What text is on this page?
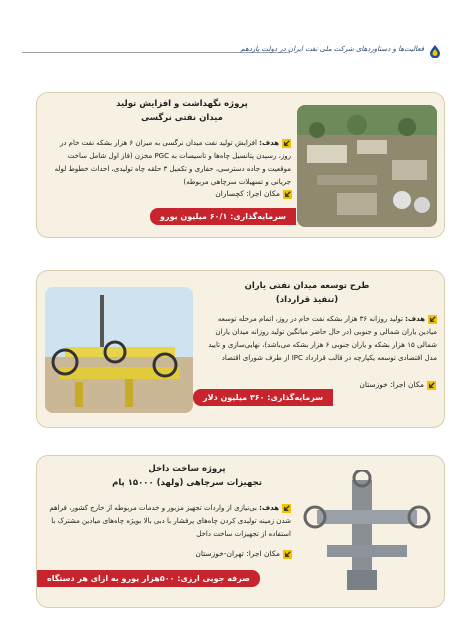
فعالیت‌ها و دستاوردهای شرکت ملی نفت ایران در دولت یازدهم
پروژه نگهداشت و افزایش تولید
میدان نفتی نرگسی
هدف: افزایش تولید نفت میدان نرگسی به میزان ۶ هزار بشکه نفت خام در روز، رسیدن پتانسیل چاه‌ها و تاسیسات به PGC مخزن (فاز اول شامل ساخت موقعیت و جاده دسترسی، حفاری و تکمیل ۳ حلقه چاه تولیدی، احداث خطوط لوله جریانی و تسهیلات سرچاهی مربوطه)
مکان اجرا: کچساران
سرمایه‌گذاری: ۶۰/۱ میلیون یورو
طرح توسعه میدان نفتی یاران
(تنفیذ قرارداد)
هدف: تولید روزانه ۳۶ هزار بشکه نفت خام در روز، اتمام مرحله توسعه میادین یاران شمالی و جنوبی (در حال حاضر میانگین تولید روزانه میدان یاران شمالی ۱۵ هزار بشکه و یاران جنوبی ۶ هزار بشکه می‌باشد)، نهایی‌سازی و تایید مدل اقتصادی توسعه یکپارچه در قالب قرارداد IPC از طرف شورای اقتصاد
مکان اجرا: خوزستان
سرمایه‌گذاری: ۳۶۰ میلیون دلار
پروژه ساخت داخل
تجهیزات سرچاهی (ولهد) ۱۵۰۰۰ پام
هدف: بی‌نیازی از واردات تجهیز مزبور و خدمات مربوطه از خارج کشور، فراهم شدن زمینه تولیدی کردن چاه‌های پرفشار با دبی بالا بویژه چاه‌های میادین مشترک با استفاده از تجهیزات ساخت داخل
مکان اجرا: تهران-خوزستان
صرفه جویی ارزی: ۵۰۰هزار یورو به ازای هر دستگاه
